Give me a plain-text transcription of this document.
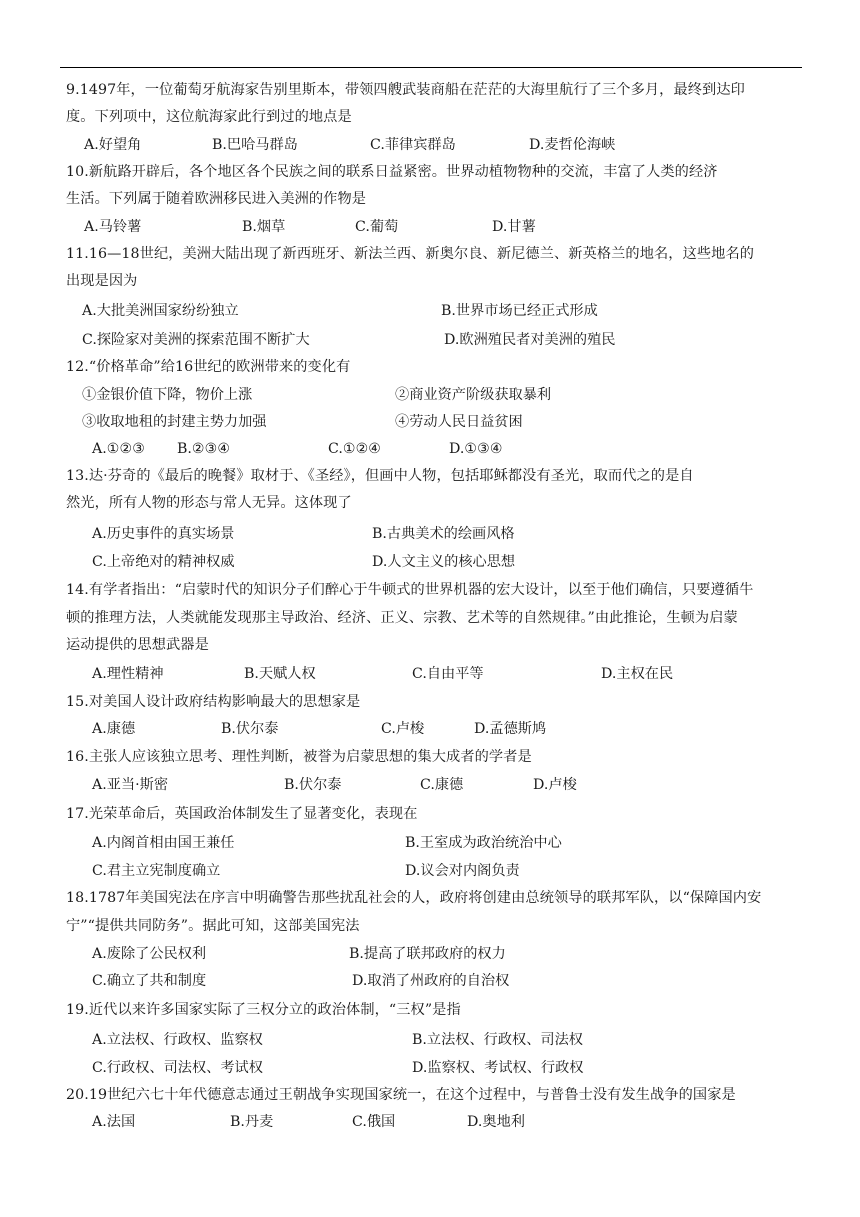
9.1497年，一位葡萄牙航海家告别里斯本，带领四艘武装商船在茫茫的大海里航行了三个多月，最终到达印
度。下列项中，这位航海家此行到过的地点是
A.好望角	B.巴哈马群岛	C.菲律宾群岛	D.麦哲伦海峡
10.新航路开辟后，各个地区各个民族之间的联系日益紧密。世界动植物物种的交流，丰富了人类的经济
生活。下列属于随着欧洲移民进入美洲的作物是
A.马铃薯	B.烟草	C.葡萄	D.甘薯
11.16—18世纪，美洲大陆出现了新西班牙、新法兰西、新奥尔良、新尼德兰、新英格兰的地名，这些地名的
出现是因为
A.大批美洲国家纷纷独立	B.世界市场已经正式形成
C.探险家对美洲的探索范围不断扩大	D.欧洲殖民者对美洲的殖民
12.“价格革命”给16世纪的欧洲带来的变化有
①金银价值下降，物价上涨	②商业资产阶级获取暴利
③收取地租的封建主势力加强	④劳动人民日益贫困
A.①②③ B.②③④	C.①②④	D.①③④
13.达·芬奇的《最后的晚餐》取材于、《圣经》，但画中人物，包括耶稣都没有圣光，取而代之的是自
然光，所有人物的形态与常人无异。这体现了
A.历史事件的真实场景	B.古典美术的绘画风格
C.上帝绝对的精神权威	D.人文主义的核心思想
14.有学者指出：“启蒙时代的知识分子们醉心于牛顿式的世界机器的宏大设计，以至于他们确信，只要遵循牛
顿的推理方法，人类就能发现那主导政治、经济、正义、宗教、艺术等的自然规律。”由此推论，生顿为启蒙
运动提供的思想武器是
A.理性精神	B.天赋人权	C.自由平等	D.主权在民
15.对美国人设计政府结构影响最大的思想家是
A.康德	B.伏尔泰	C.卢梭	D.孟德斯鸠
16.主张人应该独立思考、理性判断，被誉为启蒙思想的集大成者的学者是
A.亚当·斯密	B.伏尔泰	C.康德	D.卢梭
17.光荣革命后，英国政治体制发生了显著变化，表现在
A.内阁首相由国王兼任	B.王室成为政治统治中心
C.君主立宪制度确立	D.议会对内阁负责
18.1787年美国宪法在序言中明确警告那些扰乱社会的人，政府将创建由总统领导的联邦军队，以“保障国内安
宁”“提供共同防务”。据此可知，这部美国宪法
A.废除了公民权利	B.提高了联邦政府的权力
C.确立了共和制度	D.取消了州政府的自治权
19.近代以来许多国家实际了三权分立的政治体制，“三权”是指
A.立法权、行政权、监察权	B.立法权、行政权、司法权
C.行政权、司法权、考试权	D.监察权、考试权、行政权
20.19世纪六七十年代德意志通过王朝战争实现国家统一，在这个过程中，与普鲁士没有发生战争的国家是
A.法国	B.丹麦	C.俄国	D.奥地利
